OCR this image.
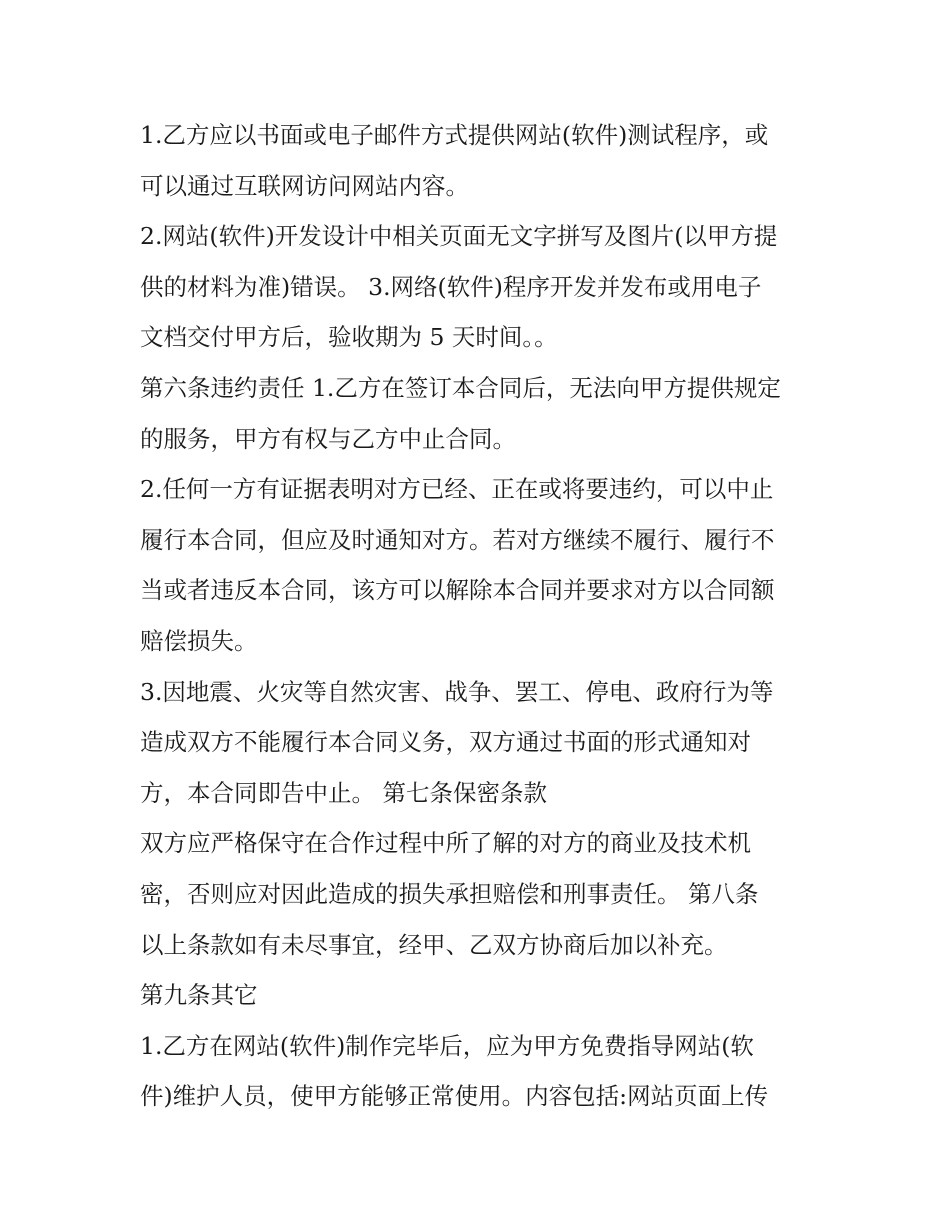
1.乙方应以书面或电子邮件方式提供网站(软件)测试程序，或
可以通过互联网访问网站内容。
2.网站(软件)开发设计中相关页面无文字拼写及图片(以甲方提
供的材料为准)错误。 3.网络(软件)程序开发并发布或用电子
文档交付甲方后，验收期为 5 天时间。。
第六条违约责任 1.乙方在签订本合同后，无法向甲方提供规定
的服务，甲方有权与乙方中止合同。
2.任何一方有证据表明对方已经、正在或将要违约，可以中止
履行本合同，但应及时通知对方。若对方继续不履行、履行不
当或者违反本合同，该方可以解除本合同并要求对方以合同额
赔偿损失。
3.因地震、火灾等自然灾害、战争、罢工、停电、政府行为等
造成双方不能履行本合同义务，双方通过书面的形式通知对
方，本合同即告中止。 第七条保密条款
双方应严格保守在合作过程中所了解的对方的商业及技术机
密，否则应对因此造成的损失承担赔偿和刑事责任。 第八条
以上条款如有未尽事宜，经甲、乙双方协商后加以补充。
第九条其它
1.乙方在网站(软件)制作完毕后，应为甲方免费指导网站(软
件)维护人员，使甲方能够正常使用。内容包括:网站页面上传
